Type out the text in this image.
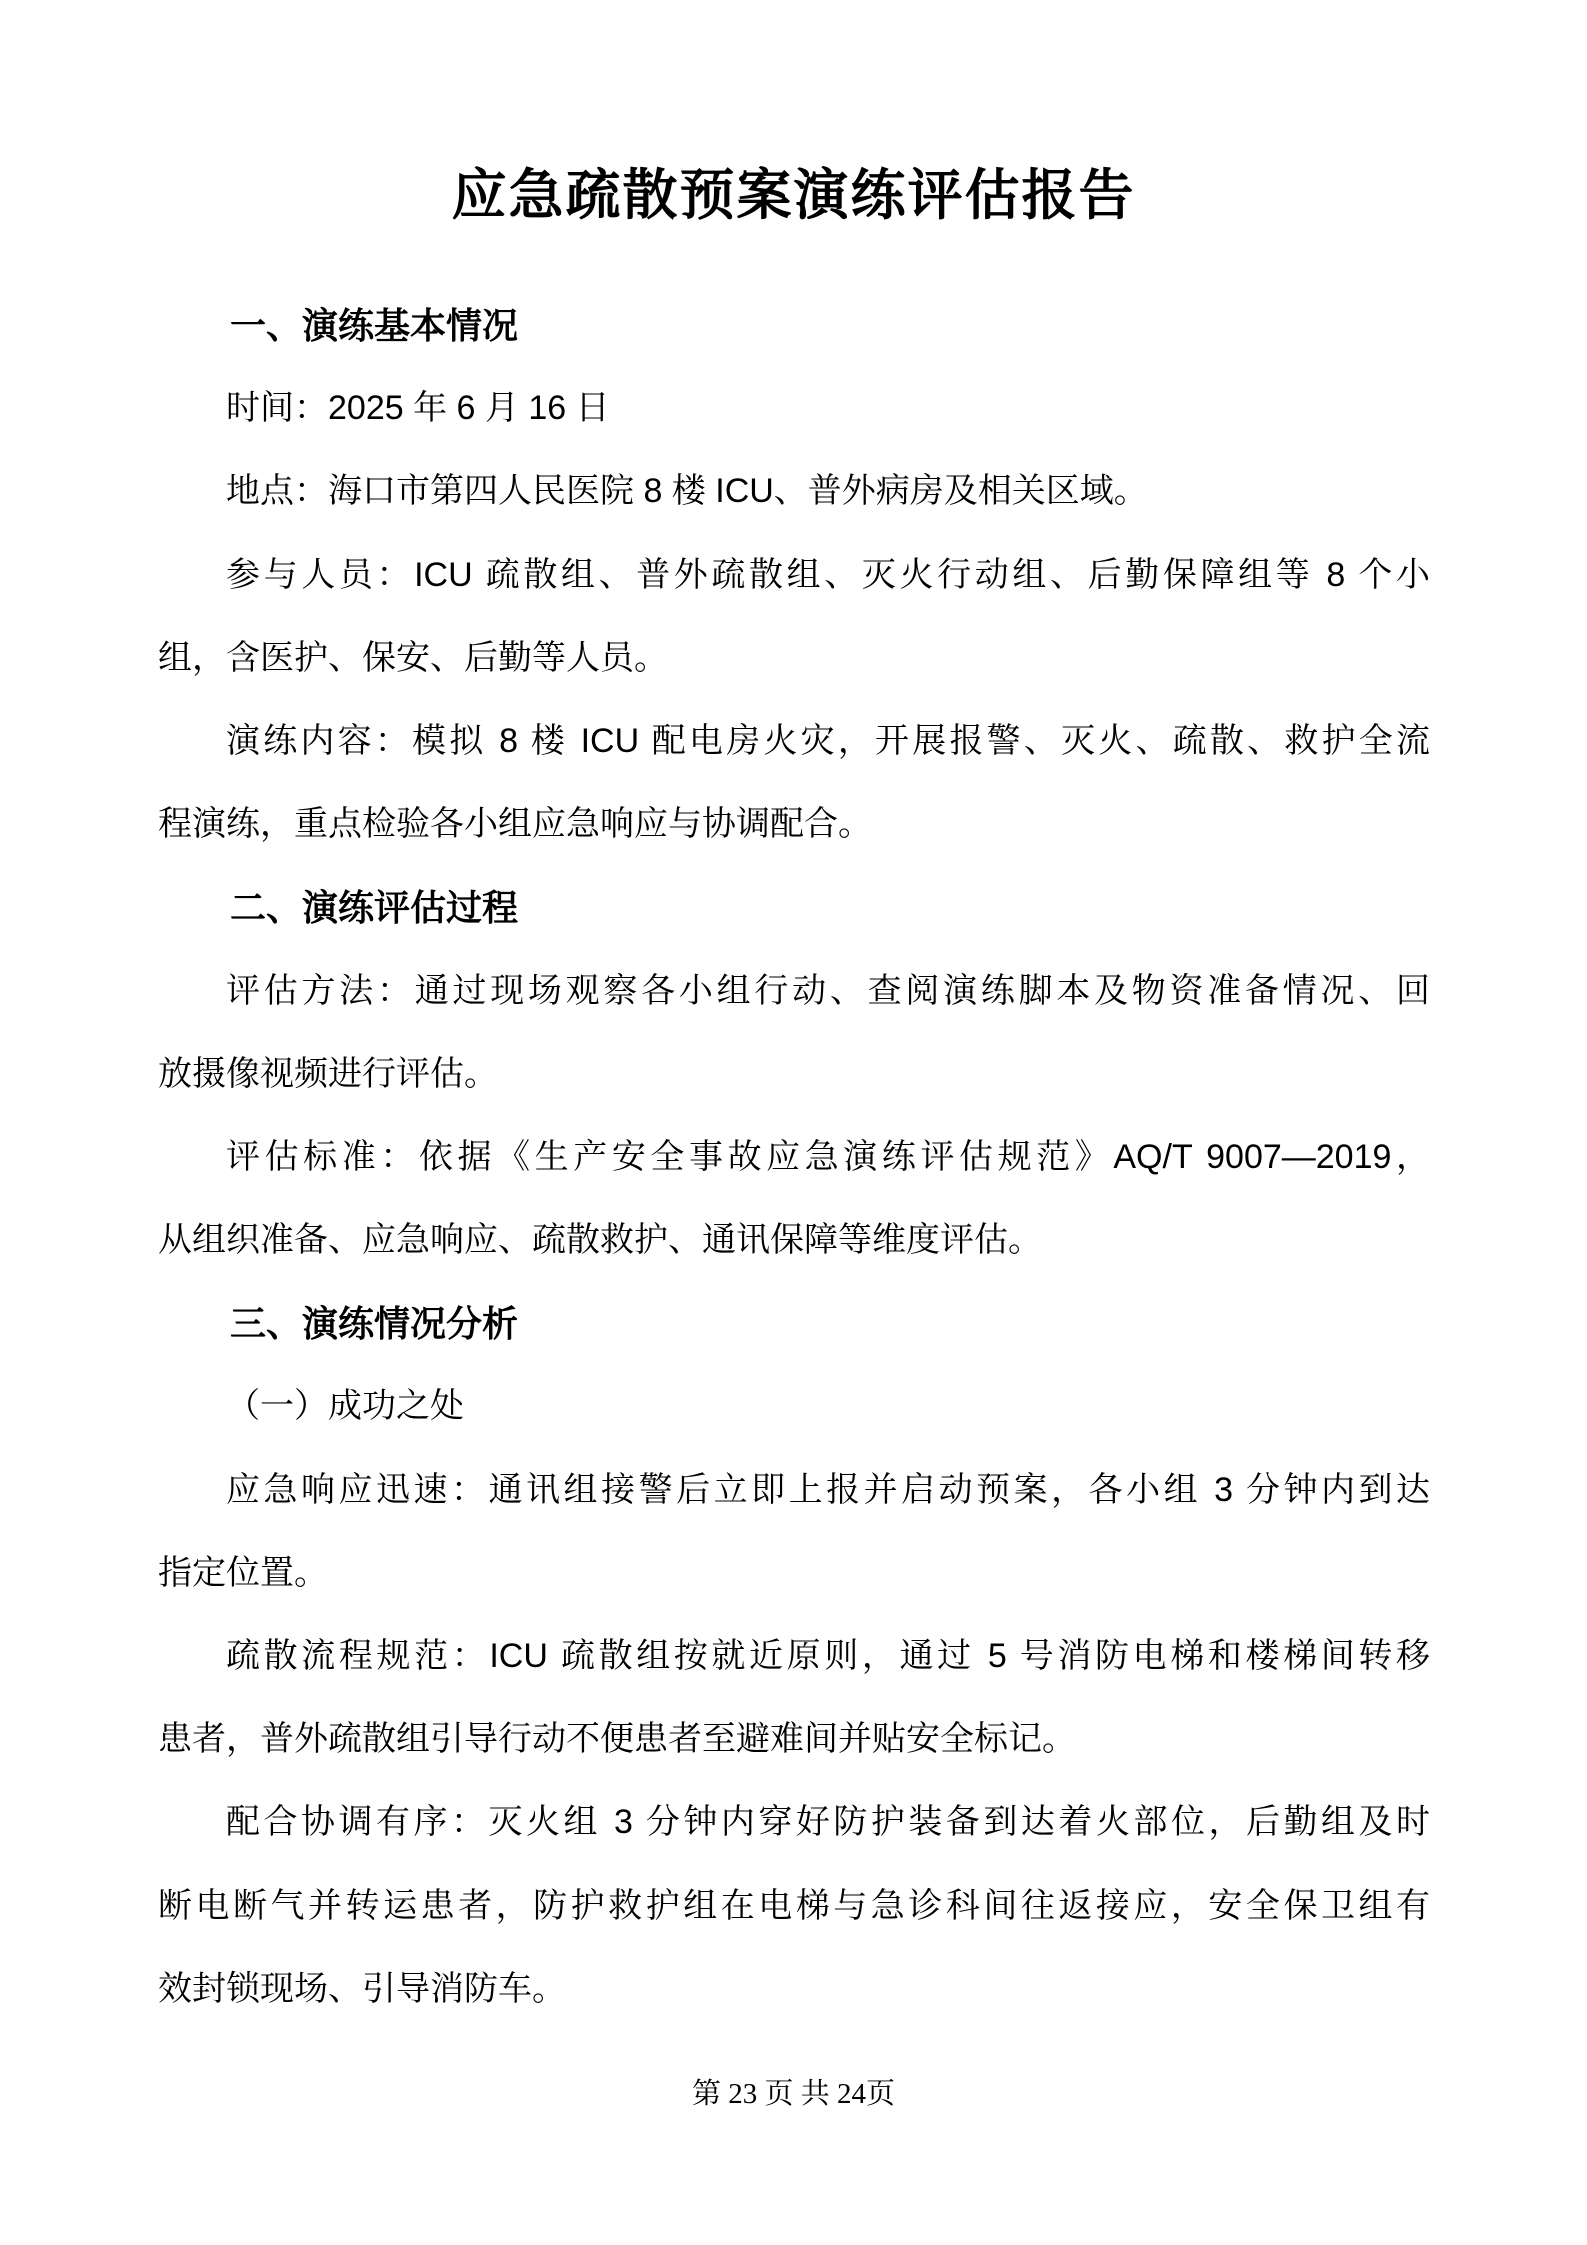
应急疏散预案演练评估报告
一、演练基本情况
时间：2025 年 6 月 16 日
地点：海口市第四人民医院 8 楼 ICU、普外病房及相关区域。
参与人员：ICU 疏散组、普外疏散组、灭火行动组、后勤保障组等 8 个小
组，含医护、保安、后勤等人员。
演练内容：模拟 8 楼 ICU 配电房火灾，开展报警、灭火、疏散、救护全流
程演练，重点检验各小组应急响应与协调配合。
二、演练评估过程
评估方法：通过现场观察各小组行动、查阅演练脚本及物资准备情况、回
放摄像视频进行评估。
评估标准：依据《生产安全事故应急演练评估规范》AQ/T 9007—2019，
从组织准备、应急响应、疏散救护、通讯保障等维度评估。
三、演练情况分析
（一）成功之处
应急响应迅速：通讯组接警后立即上报并启动预案，各小组 3 分钟内到达
指定位置。
疏散流程规范：ICU 疏散组按就近原则，通过 5 号消防电梯和楼梯间转移
患者，普外疏散组引导行动不便患者至避难间并贴安全标记。
配合协调有序：灭火组 3 分钟内穿好防护装备到达着火部位，后勤组及时
断电断气并转运患者，防护救护组在电梯与急诊科间往返接应，安全保卫组有
效封锁现场、引导消防车。
第 23 页 共 24页
